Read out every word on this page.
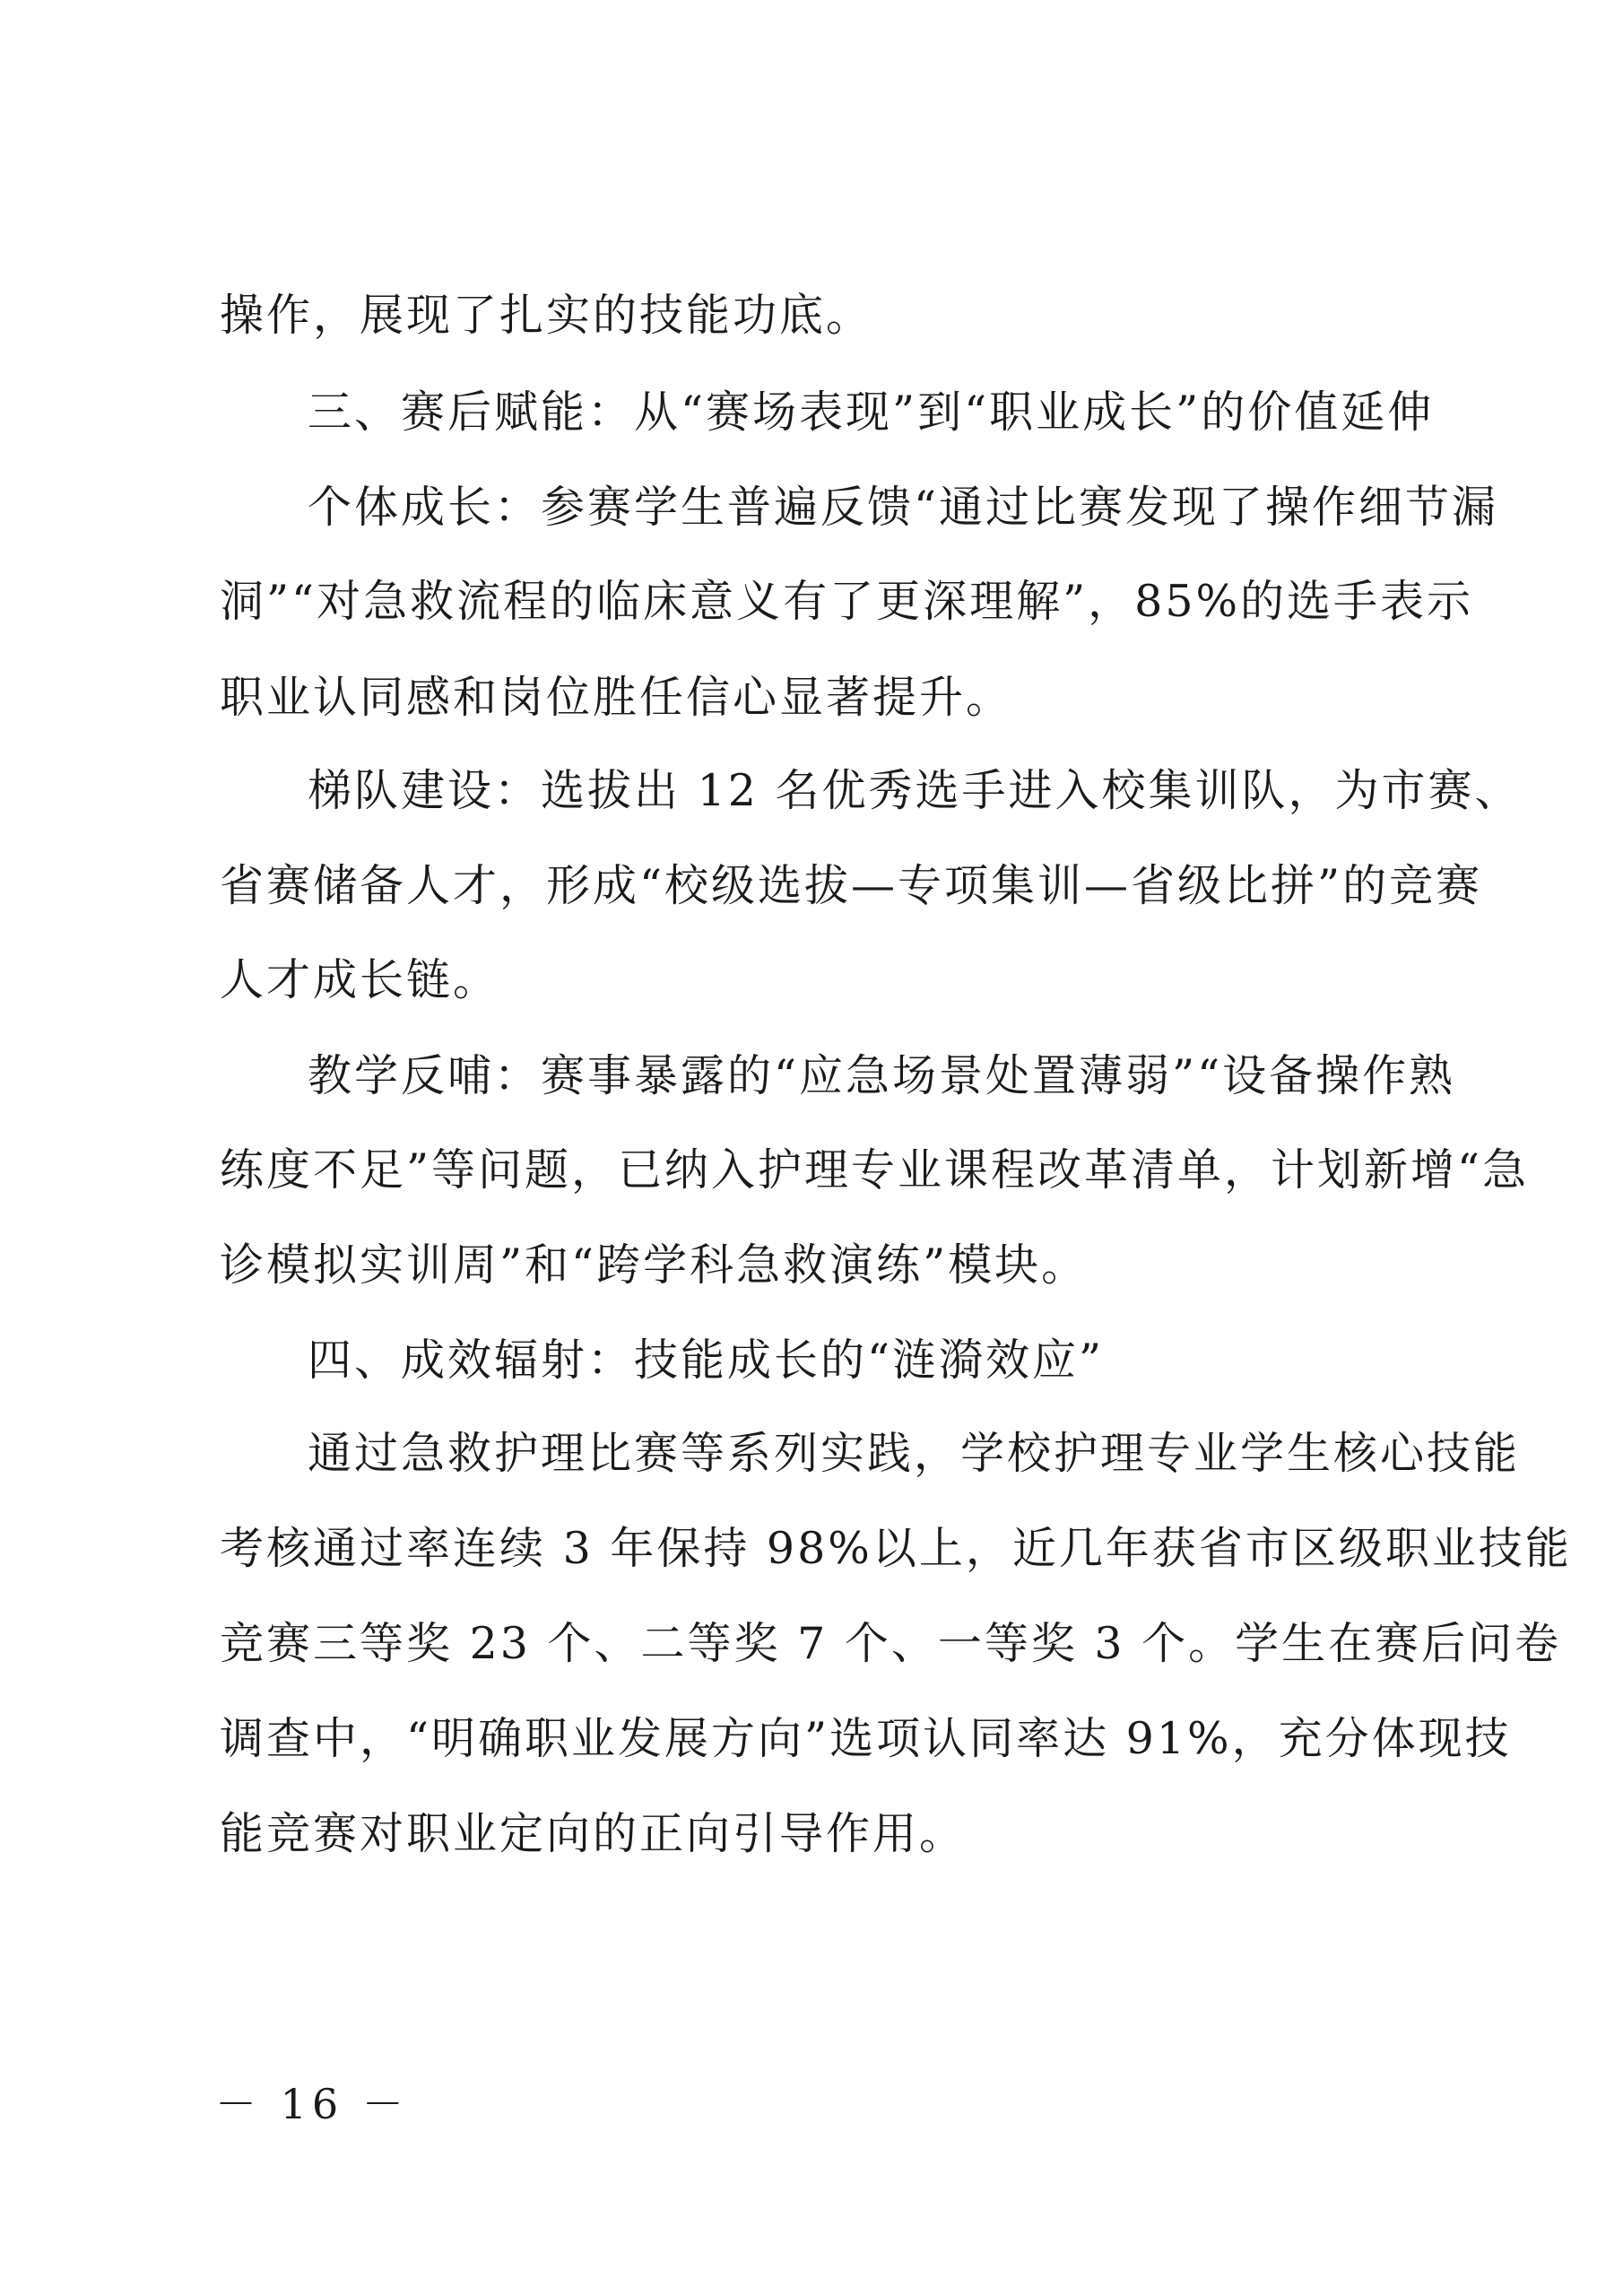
操作，展现了扎实的技能功底。
三、赛后赋能：从“赛场表现”到“职业成长”的价值延伸
个体成长：参赛学生普遍反馈“通过比赛发现了操作细节漏
洞”“对急救流程的临床意义有了更深理解”，85%的选手表示
职业认同感和岗位胜任信心显著提升。
梯队建设：选拔出 12 名优秀选手进入校集训队，为市赛、
省赛储备人才，形成“校级选拔—专项集训—省级比拼”的竞赛
人才成长链。
教学反哺：赛事暴露的“应急场景处置薄弱”“设备操作熟
练度不足”等问题，已纳入护理专业课程改革清单，计划新增“急
诊模拟实训周”和“跨学科急救演练”模块。
四、成效辐射：技能成长的“涟漪效应”
通过急救护理比赛等系列实践，学校护理专业学生核心技能
考核通过率连续 3 年保持 98%以上，近几年获省市区级职业技能
竞赛三等奖 23 个、二等奖 7 个、一等奖 3 个。学生在赛后问卷
调查中，“明确职业发展方向”选项认同率达 91%，充分体现技
能竞赛对职业定向的正向引导作用。
－ 16 －
